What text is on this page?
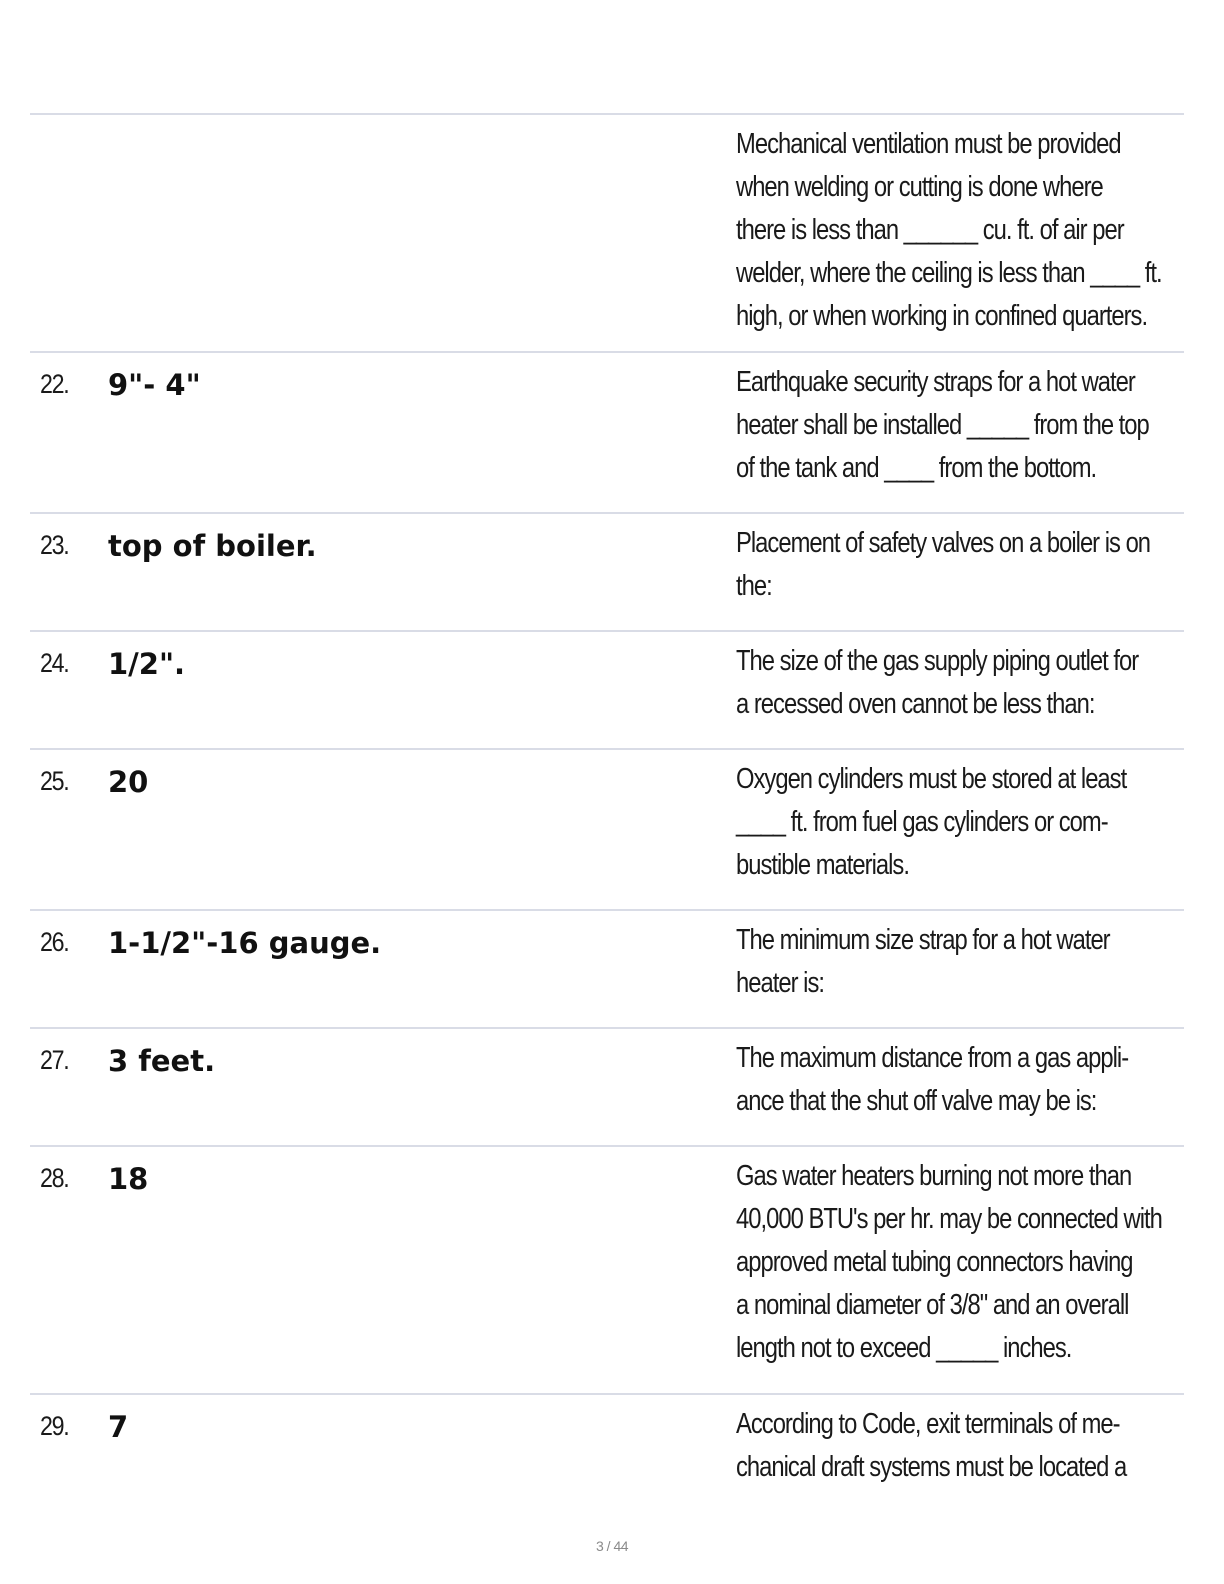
Mechanical ventilation must be provided
when welding or cutting is done where
there is less than ______ cu. ft. of air per
welder, where the ceiling is less than ____ ft.
high, or when working in confined quarters.
22. 9"- 4"	Earthquake security straps for a hot water
heater shall be installed _____ from the top
of the tank and ____ from the bottom.
23. top of boiler.	Placement of safety valves on a boiler is on
the:
24. 1/2".	The size of the gas supply piping outlet for
a recessed oven cannot be less than:
25. 20	Oxygen cylinders must be stored at least
____ ft. from fuel gas cylinders or com-
bustible materials.
26. 1-1/2"-16 gauge.	The minimum size strap for a hot water
heater is:
27. 3 feet.	The maximum distance from a gas appli-
ance that the shut off valve may be is:
28. 18	Gas water heaters burning not more than
40,000 BTU's per hr. may be connected with
approved metal tubing connectors having
a nominal diameter of 3/8" and an overall
length not to exceed _____ inches.
29. 7	According to Code, exit terminals of me-
chanical draft systems must be located a
3 / 44
